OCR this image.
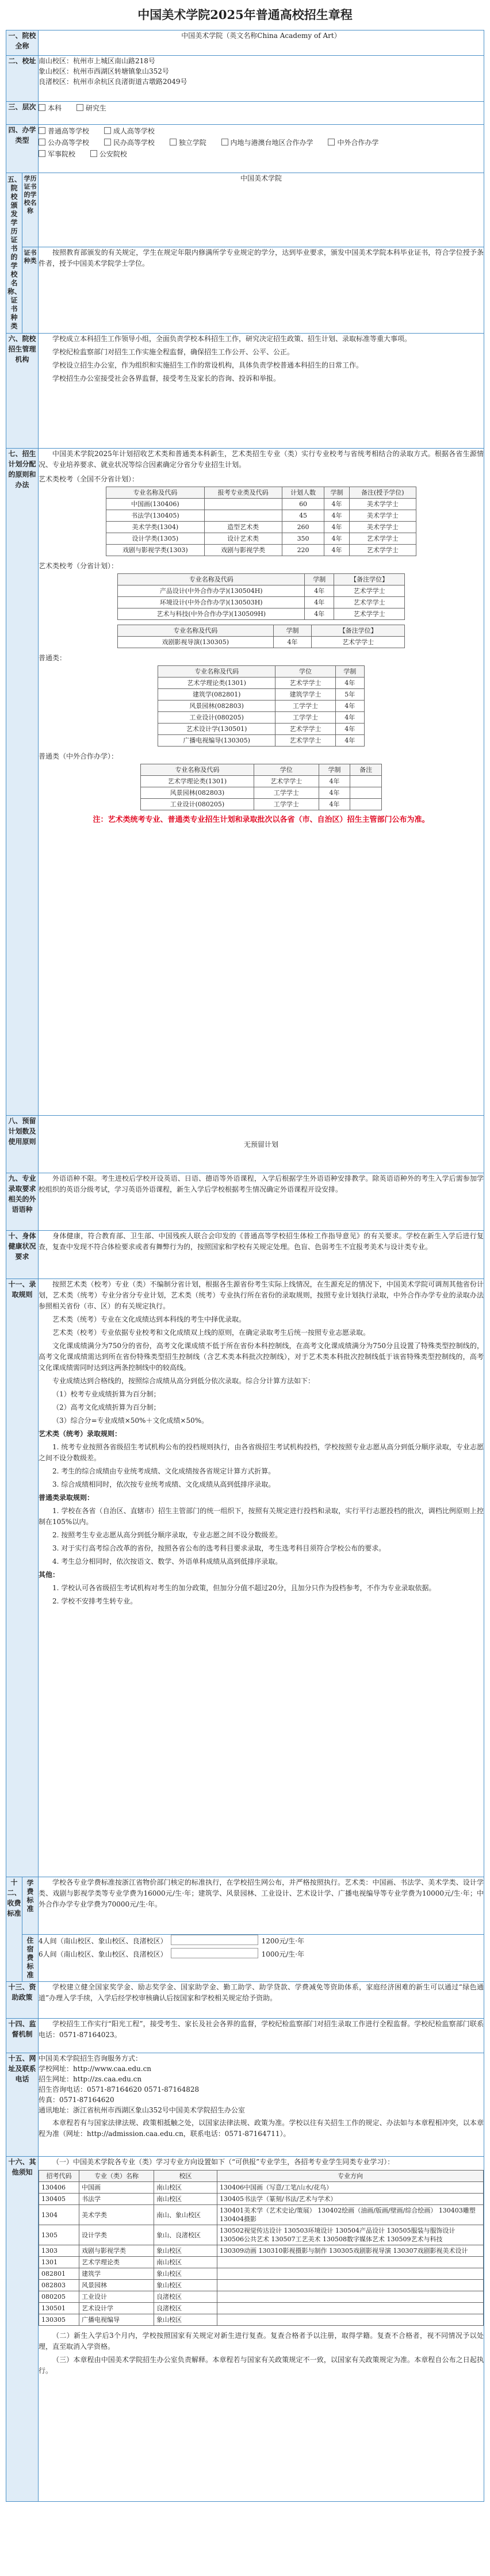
中国美术学院2025年普通高校招生章程
一、院校全称	中国美术学院（英文名称China Academy of Art）
二、校址	南山校区：杭州市上城区南山路218号
象山校区：杭州市西湖区转塘镇象山352号
良渚校区：杭州市余杭区良渚街道古墩路2049号

三、层次	本科	研究生

四、办学类型	
普通高等学校	成人高等学校
公办高等学校	民办高等学校	独立学院	内地与港澳台地区合作办学	中外合作办学
军事院校	公安院校

五、院校颁发学历证书的学校名称、证书种类	学历证书的学校名称	中国美术学院
证书种类	

按照教育部颁发的有关规定，学生在规定年限内修满所学专业规定的学分，达到毕业要求，颁发中国美术学院本科毕业证书，符合学位授予条件者，授予中国美术学院学士学位。

六、院校招生管理机构	

学校成立本科招生工作领导小组，全面负责学校本科招生工作，研究决定招生政策、招生计划、录取标准等重大事项。

学校纪检监察部门对招生工作实施全程监督，确保招生工作公开、公平、公正。

学校设立招生办公室，作为组织和实施招生工作的常设机构，具体负责学校普通本科招生的日常工作。

学校招生办公室接受社会各界监督，接受考生及家长的咨询、投诉和举报。

七、招生计划分配的原则和办法	

中国美术学院2025年计划招收艺术类和普通类本科新生，艺术类招生专业（类）实行专业校考与省统考相结合的录取方式。根据各省生源情况、专业培养要求、就业状况等综合因素确定分省分专业招生计划。

艺术类校考（全国不分省计划）：
专业名称及代码	报考专业类及代码	计划人数	学制	备注(授予学位)
中国画(130406)		60	4年	美术学学士
书法学(130405)		45	4年	美术学学士
美术学类(1304)	造型艺术类	260	4年	美术学学士
设计学类(1305)	设计艺术类	350	4年	艺术学学士
戏剧与影视学类(1303)	戏剧与影视学类	220	4年	艺术学学士
艺术类校考（分省计划）：
专业名称及代码	学制	【备注学位】
产品设计(中外合作办学)(130504H)	4年	艺术学学士
环境设计(中外合作办学)(130503H)	4年	艺术学学士
艺术与科技(中外合作办学)(130509H)	4年	艺术学学士
专业名称及代码	学制	【备注学位】
戏剧影视导演(130305)	4年	艺术学学士
普通类：
专业名称及代码	学位	学制
艺术学理论类(1301)	艺术学学士	4年
建筑学(082801)	建筑学学士	5年
风景园林(082803)	工学学士	4年
工业设计(080205)	工学学士	4年
艺术设计学(130501)	艺术学学士	4年
广播电视编导(130305)	艺术学学士	4年
普通类（中外合作办学）：
专业名称及代码	学位	学制	备注
艺术学理论类(1301)	艺术学学士	4年	
风景园林(082803)	工学学士	4年	
工业设计(080205)	工学学士	4年	
注：艺术类统考专业、普通类专业招生计划和录取批次以各省（市、自治区）招生主管部门公布为准。

八、预留计划数及使用原则	无预留计划
九、专业录取要求相关的外语语种	

外语语种不限。考生进校后学校开设英语、日语、德语等外语课程，入学后根据学生外语语种安排教学。除英语语种外的考生入学后需参加学校组织的英语分级考试，学习英语外语课程，新生入学后学校根据考生情况确定外语课程开设安排。

十、身体健康状况要求	

身体健康，符合教育部、卫生部、中国残疾人联合会印发的《普通高等学校招生体检工作指导意见》的有关要求。学校在新生入学后进行复查，复查中发现不符合体检要求或者有舞弊行为的，按照国家和学校有关规定处理。色盲、色弱考生不宜报考美术与设计类专业。

十一、录取规则	

按照艺术类（校考）专业（类）不编制分省计划，根据各生源省份考生实际上线情况，在生源充足的情况下，中国美术学院可调剂其他省份计划，艺术类（统考）专业分省分专业计划，艺术类（统考）专业执行所在省份的录取规则，按照专业计划执行录取，中外合作办学专业的录取办法参照相关省份（市、区）的有关规定执行。

艺术类（统考）专业在文化成绩达到本科线的考生中择优录取。

艺术类（校考）专业依据专业校考和文化成绩双上线的原则，在确定录取考生后统一按照专业志愿录取。

文化课成绩满分为750分的省份，高考文化课成绩不低于所在省份本科控制线，在高考文化课成绩满分为750分且设置了特殊类型控制线的，高考文化课成绩需达到所在省份特殊类型招生控制线（含艺术类本科批次控制线），对于艺术类本科批次控制线低于该省特殊类型控制线的，高考文化课成绩需同时达到这两条控制线中的较高线。

专业成绩达到合格线的，按照综合成绩从高分到低分依次录取。综合分计算方法如下：

（1）校考专业成绩折算为百分制；

（2）高考文化成绩折算为百分制；

（3）综合分=专业成绩×50%＋文化成绩×50%。

艺术类（统考）录取规则：

1. 统考专业按照各省级招生考试机构公布的投档规则执行，由各省级招生考试机构投档，学校按照专业志愿从高分到低分顺序录取，专业志愿之间不设分数级差。

2. 考生的综合成绩由专业统考成绩、文化成绩按各省规定计算方式折算。

3. 综合成绩相同时，依次按专业统考成绩、文化成绩从高到低排序录取。

普通类录取规则：

1. 学校在各省（自治区、直辖市）招生主管部门的统一组织下，按照有关规定进行投档和录取，实行平行志愿投档的批次，调档比例原则上控制在105%以内。

2. 按照考生专业志愿从高分到低分顺序录取，专业志愿之间不设分数级差。

3. 对于实行高考综合改革的省份，按照各省公布的选考科目要求录取，考生选考科目须符合学校公布的要求。

4. 考生总分相同时，依次按语文、数学、外语单科成绩从高到低排序录取。

其他：

1. 学校认可各省级招生考试机构对考生的加分政策，但加分分值不超过20分，且加分只作为投档参考，不作为专业录取依据。

2. 学校不安排考生转专业。

十二、收费标准	学费标准	

学校各专业学费标准按浙江省物价部门核定的标准执行，在学校招生网公布，并严格按照执行。艺术类：中国画、书法学、美术学类、设计学类、戏剧与影视学类等专业学费为16000元/生·年；建筑学、风景园林、工业设计、艺术设计学、广播电视编导等专业学费为10000元/生·年；中外合作办学专业学费为70000元/生·年。

住宿费标准	

4人间（南山校区、象山校区、良渚校区）	1200元/生·年

6人间（南山校区、象山校区、良渚校区）	1000元/生·年

十三、资助政策	

学校建立健全国家奖学金、励志奖学金、国家助学金、勤工助学、助学贷款、学费减免等资助体系，家庭经济困难的新生可以通过“绿色通道”办理入学手续，入学后经学校审核确认后按国家和学校相关规定给予资助。

十四、监督机制	

学校招生工作实行“阳光工程”，接受考生、家长及社会各界的监督，学校纪检监察部门对招生录取工作进行全程监督。学校纪检监察部门联系电话：0571-87164023。

十五、网址及联系电话	
中国美术学院招生咨询服务方式：
学校网址：http://www.caa.edu.cn
招生网址：http://zs.caa.edu.cn
招生咨询电话：0571-87164620 0571-87164828
传真：0571-87164620
通讯地址：浙江省杭州市西湖区象山352号中国美术学院招生办公室

本章程若有与国家法律法规、政策相抵触之处，以国家法律法规、政策为准。学校以往有关招生工作的规定、办法如与本章程相冲突，以本章程为准（网址：http://admission.caa.edu.cn，联系电话：0571-87164711）。

十六、其他须知	

（一）中国美术学院各专业（类）学习专业方向设置如下（“可供报”专业学生，各招考专业学生同类专业学习）：

招考代码	专业（类）名称	校区	专业方向
130406	中国画	南山校区	130406中国画（写意/工笔/山水/花鸟）
130405	书法学	南山校区	130405书法学（篆刻/书法/艺术与学术）
1304	美术学类	南山、象山校区	130401美术学（艺术史论/策展） 130402绘画（油画/版画/壁画/综合绘画） 130403雕塑 130404摄影
1305	设计学类	象山、良渚校区	130502视觉传达设计 130503环境设计 130504产品设计 130505服装与服饰设计 130506公共艺术 130507工艺美术 130508数字媒体艺术 130509艺术与科技
1303	戏剧与影视学类	象山校区	130309动画 130310影视摄影与制作 130305戏剧影视导演 130307戏剧影视美术设计
1301	艺术学理论类	南山校区	
082801	建筑学	象山校区	
082803	风景园林	象山校区	
080205	工业设计	良渚校区	
130501	艺术设计学	良渚校区	
130305	广播电视编导	象山校区	

（二）新生入学后3个月内，学校按照国家有关规定对新生进行复查。复查合格者予以注册，取得学籍。复查不合格者，视不同情况予以处理，直至取消入学资格。

（三）本章程由中国美术学院招生办公室负责解释。本章程若与国家有关政策规定不一致，以国家有关政策规定为准。本章程自公布之日起执行。
